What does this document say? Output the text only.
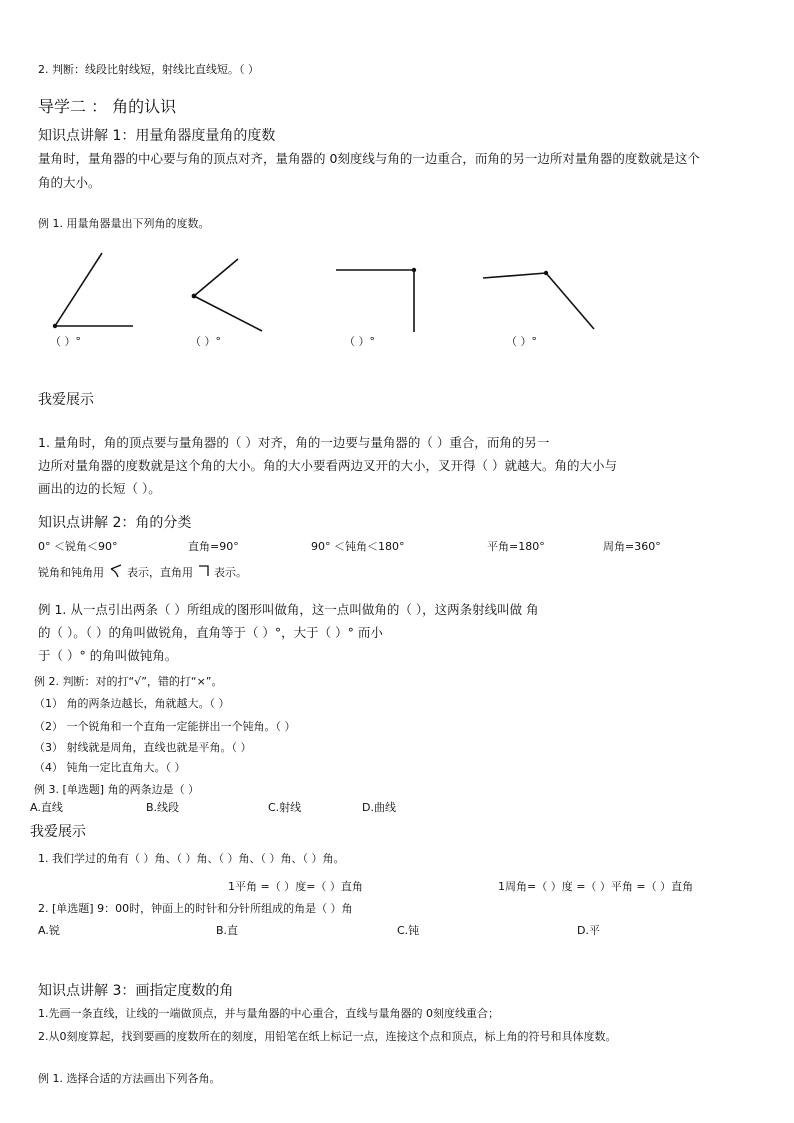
2. 判断：线段比射线短，射线比直线短。（ ）
导学二 ： 角的认识
知识点讲解 1：用量角器度量角的度数
量角时，量角器的中心要与角的顶点对齐，量角器的 0刻度线与角的一边重合，而角的另一边所对量角器的度数就是这个
角的大小。
例 1. 用量角器量出下列角的度数。
（ ）°	（ ）°	（ ）°	（ ）°
我爱展示
1. 量角时，角的顶点要与量角器的（ ）对齐，角的一边要与量角器的（ ）重合，而角的另一
边所对量角器的度数就是这个角的大小。角的大小要看两边叉开的大小，叉开得（ ）就越大。角的大小与
画出的边的长短（ ）。
知识点讲解 2：角的分类
0° ＜锐角＜90°	直角=90°	90° ＜钝角＜180°	平角=180°	周角=360°
锐角和钝角用 表示，直角用 表示。
例 1. 从一点引出两条（ ）所组成的图形叫做角，这一点叫做角的（ ），这两条射线叫做 角
的（ ）。（ ）的角叫做锐角，直角等于（ ）°，大于（ ）° 而小
于（ ）° 的角叫做钝角。
例 2. 判断：对的打“√”，错的打“×”。
（1） 角的两条边越长，角就越大。（ ）
（2） 一个锐角和一个直角一定能拼出一个钝角。（ ）
（3） 射线就是周角，直线也就是平角。（ ）
（4） 钝角一定比直角大。（ ）
例 3. [单选题] 角的两条边是（ ）
A.直线	B.线段	C.射线	D.曲线
我爱展示
1. 我们学过的角有（ ）角、（ ）角、（ ）角、（ ）角、（ ）角。
1平角 =（ ）度=（ ）直角	1周角=（ ）度 =（ ）平角 =（ ）直角
2. [单选题] 9：00时，钟面上的时针和分针所组成的角是（ ）角
A.锐	B.直	C.钝	D.平
知识点讲解 3：画指定度数的角
1.先画一条直线，让线的一端做顶点，并与量角器的中心重合，直线与量角器的 0刻度线重合；
2.从0刻度算起，找到要画的度数所在的刻度，用铅笔在纸上标记一点，连接这个点和顶点，标上角的符号和具体度数。
例 1. 选择合适的方法画出下列各角。
